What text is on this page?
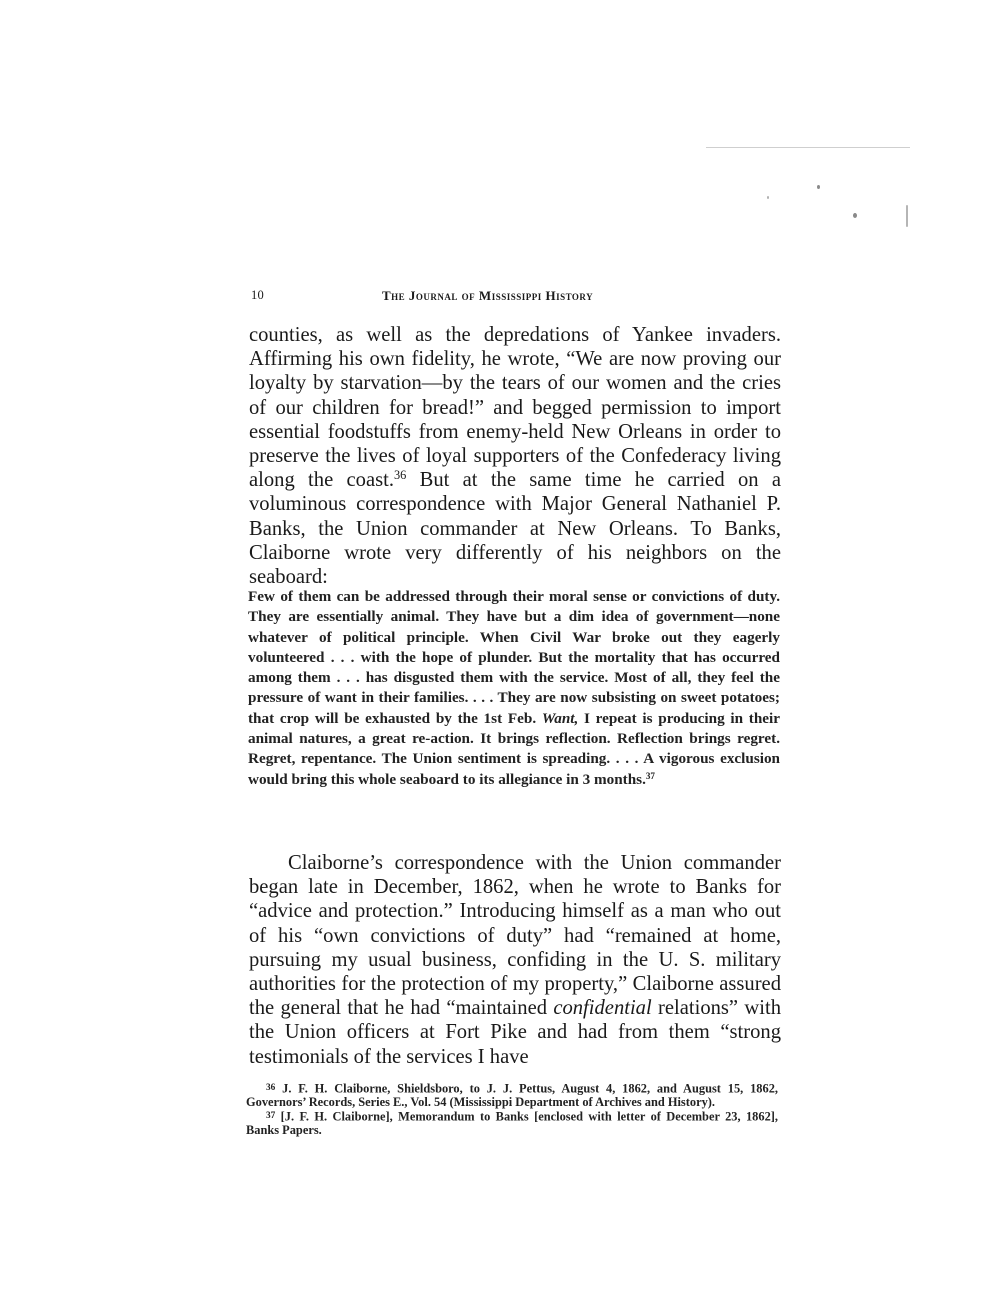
10	The Journal of Mississippi History

counties, as well as the depredations of Yankee invaders. Affirming his own fidelity, he wrote, “We are now proving our loyalty by starvation—by the tears of our women and the cries of our children for bread!” and begged permission to import essential foodstuffs from enemy-held New Orleans in order to preserve the lives of loyal supporters of the Confederacy living along the coast.$^{36}$ But at the same time he carried on a voluminous correspondence with Major General Nathaniel P. Banks, the Union commander at New Orleans. To Banks, Claiborne wrote very differently of his neighbors on the seaboard:

Few of them can be addressed through their moral sense or convictions of duty. They are essentially animal. They have but a dim idea of government—none whatever of political principle. When Civil War broke out they eagerly volunteered . . . with the hope of plunder. But the mortality that has occurred among them . . . has disgusted them with the service. Most of all, they feel the pressure of want in their families. . . . They are now subsisting on sweet potatoes; that crop will be exhausted by the 1st Feb. Want, I repeat is producing in their animal natures, a great re-action. It brings reflection. Reflection brings regret. Regret, repentance. The Union sentiment is spreading. . . . A vigorous exclusion would bring this whole seaboard to its allegiance in 3 months.$^{37}$

Claiborne’s correspondence with the Union commander began late in December, 1862, when he wrote to Banks for “advice and protection.” Introducing himself as a man who out of his “own convictions of duty” had “remained at home, pursuing my usual business, confiding in the U. S. military authorities for the protection of my property,” Claiborne assured the general that he had “maintained confidential relations” with the Union officers at Fort Pike and had from them “strong testimonials of the services I have

36 J. F. H. Claiborne, Shieldsboro, to J. J. Pettus, August 4, 1862, and August 15, 1862, Governors’ Records, Series E., Vol. 54 (Mississippi Department of Archives and History).

37 [J. F. H. Claiborne], Memorandum to Banks [enclosed with letter of December 23, 1862], Banks Papers.
